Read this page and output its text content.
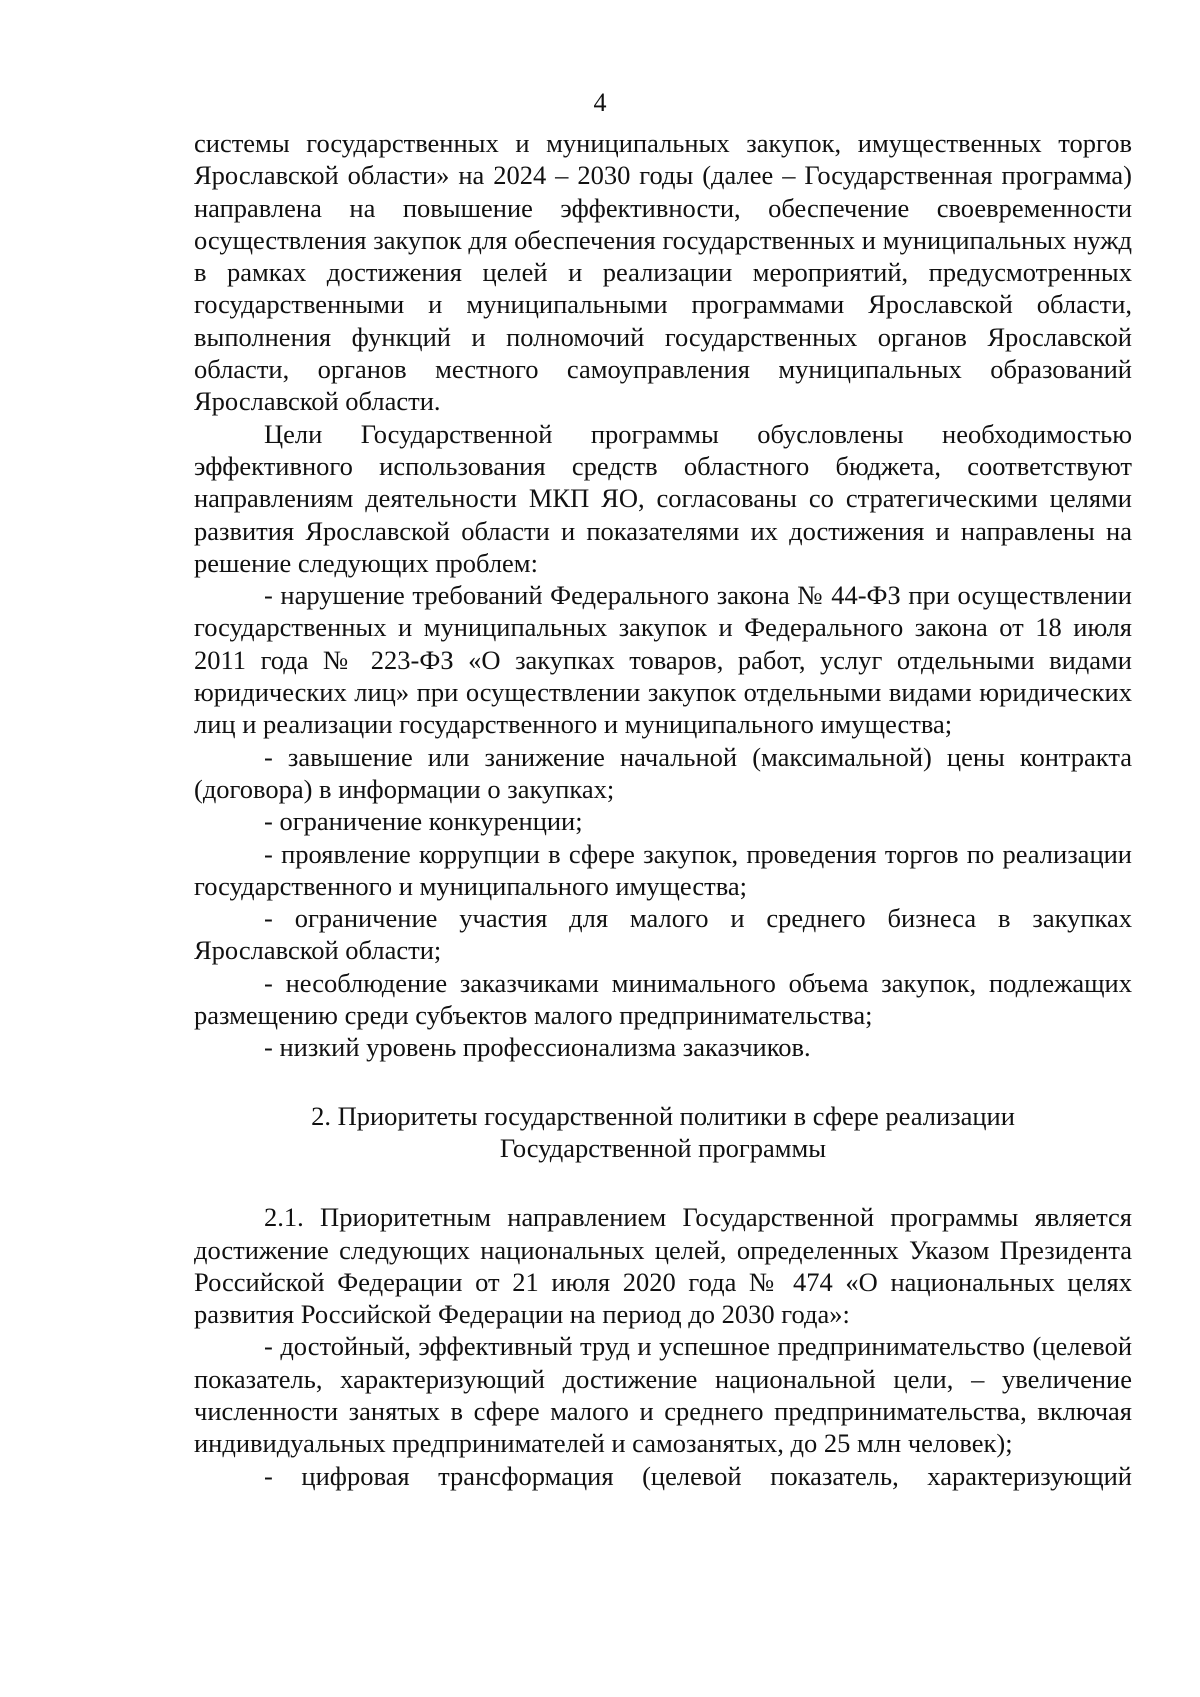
4

системы государственных и муниципальных закупок, имущественных торгов Ярославской области» на 2024 – 2030 годы (далее – Государственная программа) направлена на повышение эффективности, обеспечение своевременности осуществления закупок для обеспечения государственных и муниципальных нужд в рамках достижения целей и реализации мероприятий, предусмотренных государственными и муниципальными программами Ярославской области, выполнения функций и полномочий государственных органов Ярославской области, органов местного самоуправления муниципальных образований Ярославской области.

Цели Государственной программы обусловлены необходимостью эффективного использования средств областного бюджета, соответствуют направлениям деятельности МКП ЯО, согласованы со стратегическими целями развития Ярославской области и показателями их достижения и направлены на решение следующих проблем:

- нарушение требований Федерального закона № 44-ФЗ при осуществлении государственных и муниципальных закупок и Федерального закона от 18 июля 2011 года № 223-ФЗ «О закупках товаров, работ, услуг отдельными видами юридических лиц» при осуществлении закупок отдельными видами юридических лиц и реализации государственного и муниципального имущества;

- завышение или занижение начальной (максимальной) цены контракта (договора) в информации о закупках;

- ограничение конкуренции;

- проявление коррупции в сфере закупок, проведения торгов по реализации государственного и муниципального имущества;

- ограничение участия для малого и среднего бизнеса в закупках Ярославской области;

- несоблюдение заказчиками минимального объема закупок, подлежащих размещению среди субъектов малого предпринимательства;

- низкий уровень профессионализма заказчиков.

2. Приоритеты государственной политики в сфере реализации
Государственной программы

2.1. Приоритетным направлением Государственной программы является достижение следующих национальных целей, определенных Указом Президента Российской Федерации от 21 июля 2020 года № 474 «О национальных целях развития Российской Федерации на период до 2030 года»:

- достойный, эффективный труд и успешное предпринимательство (целевой показатель, характеризующий достижение национальной цели, – увеличение численности занятых в сфере малого и среднего предпринимательства, включая индивидуальных предпринимателей и самозанятых, до 25 млн человек);

- цифровая трансформация (целевой показатель, характеризующий
